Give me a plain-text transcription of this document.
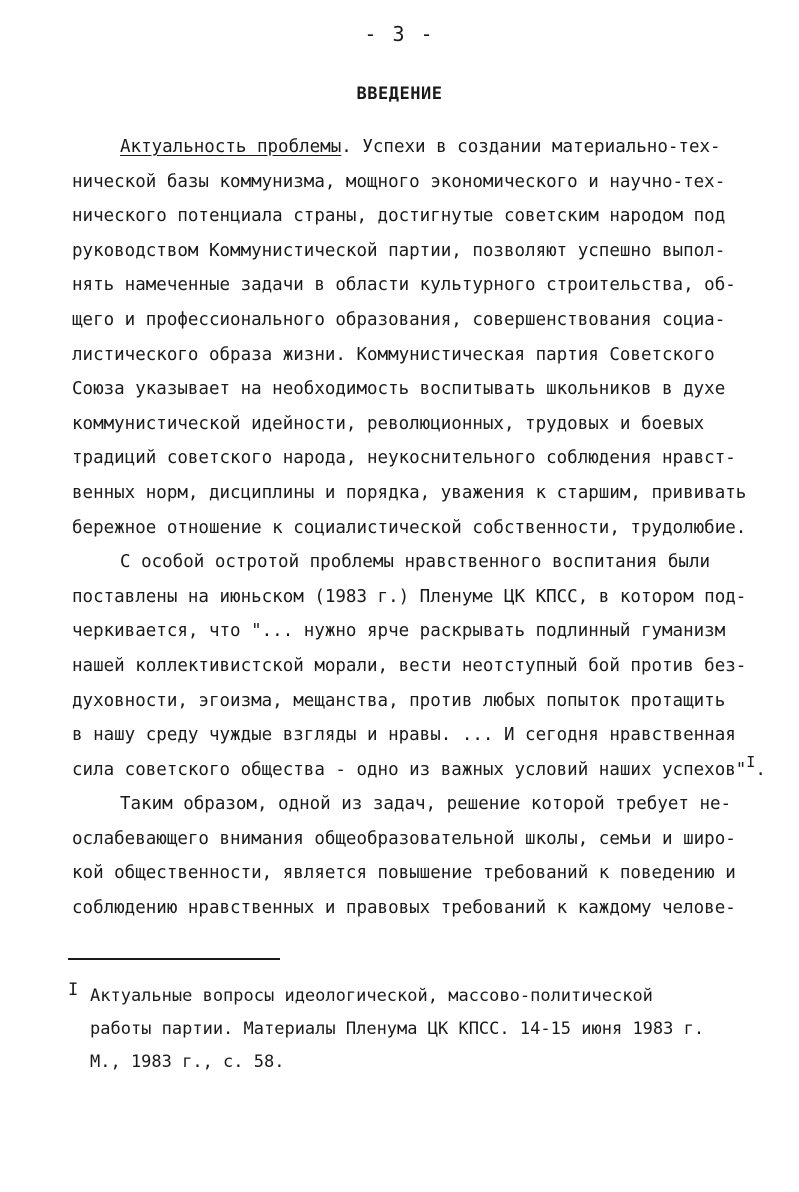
- 3 -
ВВЕДЕНИЕ
Актуальность проблемы. Успехи в создании материально-тех-
нической базы коммунизма, мощного экономического и научно-тех-
нического потенциала страны, достигнутые советским народом под
руководством Коммунистической партии, позволяют успешно выпол-
нять намеченные задачи в области культурного строительства, об-
щего и профессионального образования, совершенствования социа-
листического образа жизни. Коммунистическая партия Советского
Союза указывает на необходимость воспитывать школьников в духе
коммунистической идейности, революционных, трудовых и боевых
традиций советского народа, неукоснительного соблюдения нравст-
венных норм, дисциплины и порядка, уважения к старшим, прививать
бережное отношение к социалистической собственности, трудолюбие.
С особой остротой проблемы нравственного воспитания были
поставлены на июньском (1983 г.) Пленуме ЦК КПСС, в котором под-
черкивается, что "... нужно ярче раскрывать подлинный гуманизм
нашей коллективистской морали, вести неотступный бой против без-
духовности, эгоизма, мещанства, против любых попыток протащить
в нашу среду чуждые взгляды и нравы. ... И сегодня нравственная
сила советского общества - одно из важных условий наших успехов"I.
Таким образом, одной из задач, решение которой требует не-
ослабевающего внимания общеобразовательной школы, семьи и широ-
кой общественности, является повышение требований к поведению и
соблюдению нравственных и правовых требований к каждому челове-
I Актуальные вопросы идеологической, массово-политической
работы партии. Материалы Пленума ЦК КПСС. 14-15 июня 1983 г.
М., 1983 г., с. 58.
